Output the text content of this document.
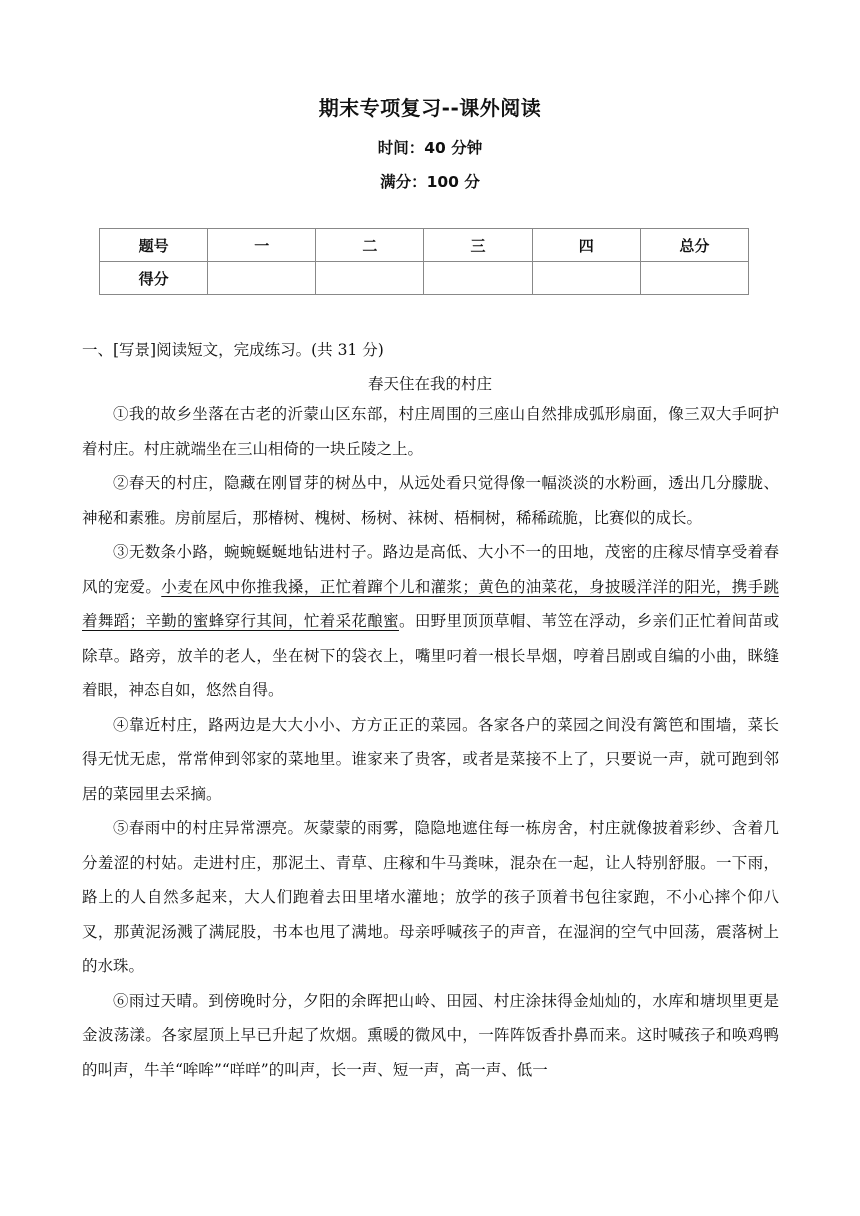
期末专项复习--课外阅读
时间：40 分钟
满分：100 分
题号	一	二	三	四	总分
得分					
一、[写景]阅读短文，完成练习。(共 31 分)
春天住在我的村庄

①我的故乡坐落在古老的沂蒙山区东部，村庄周围的三座山自然排成弧形扇面，像三双大手呵护着村庄。村庄就端坐在三山相倚的一块丘陵之上。

②春天的村庄，隐藏在刚冒芽的树丛中，从远处看只觉得像一幅淡淡的水粉画，透出几分朦胧、神秘和素雅。房前屋后，那椿树、槐树、杨树、袜树、梧桐树，稀稀疏脆，比赛似的成长。

③无数条小路，蜿蜿蜒蜒地钻进村子。路边是高低、大小不一的田地，茂密的庄稼尽情享受着春风的宠爱。小麦在风中你推我搡，正忙着蹿个儿和灌浆；黄色的油菜花，身披暖洋洋的阳光，携手跳着舞蹈；辛勤的蜜蜂穿行其间，忙着采花酿蜜。田野里顶顶草帽、苇笠在浮动，乡亲们正忙着间苗或除草。路旁，放羊的老人，坐在树下的袋衣上，嘴里叼着一根长旱烟，哼着吕剧或自编的小曲，眯缝着眼，神态自如，悠然自得。

④靠近村庄，路两边是大大小小、方方正正的菜园。各家各户的菜园之间没有篱笆和围墙，菜长得无忧无虑，常常伸到邻家的菜地里。谁家来了贵客，或者是菜接不上了，只要说一声，就可跑到邻居的菜园里去采摘。

⑤春雨中的村庄异常漂亮。灰蒙蒙的雨雾，隐隐地遮住每一栋房舍，村庄就像披着彩纱、含着几分羞涩的村姑。走进村庄，那泥土、青草、庄稼和牛马粪味，混杂在一起，让人特别舒服。一下雨，路上的人自然多起来，大人们跑着去田里堵水灌地；放学的孩子顶着书包往家跑，不小心摔个仰八叉，那黄泥汤溅了满屁股，书本也甩了满地。母亲呼喊孩子的声音，在湿润的空气中回荡，震落树上的水珠。

⑥雨过天晴。到傍晚时分，夕阳的余晖把山岭、田园、村庄涂抹得金灿灿的，水库和塘坝里更是金波荡漾。各家屋顶上早已升起了炊烟。熏暖的微风中，一阵阵饭香扑鼻而来。这时喊孩子和唤鸡鸭的叫声，牛羊“哞哞”“咩咩”的叫声，长一声、短一声，高一声、低一
